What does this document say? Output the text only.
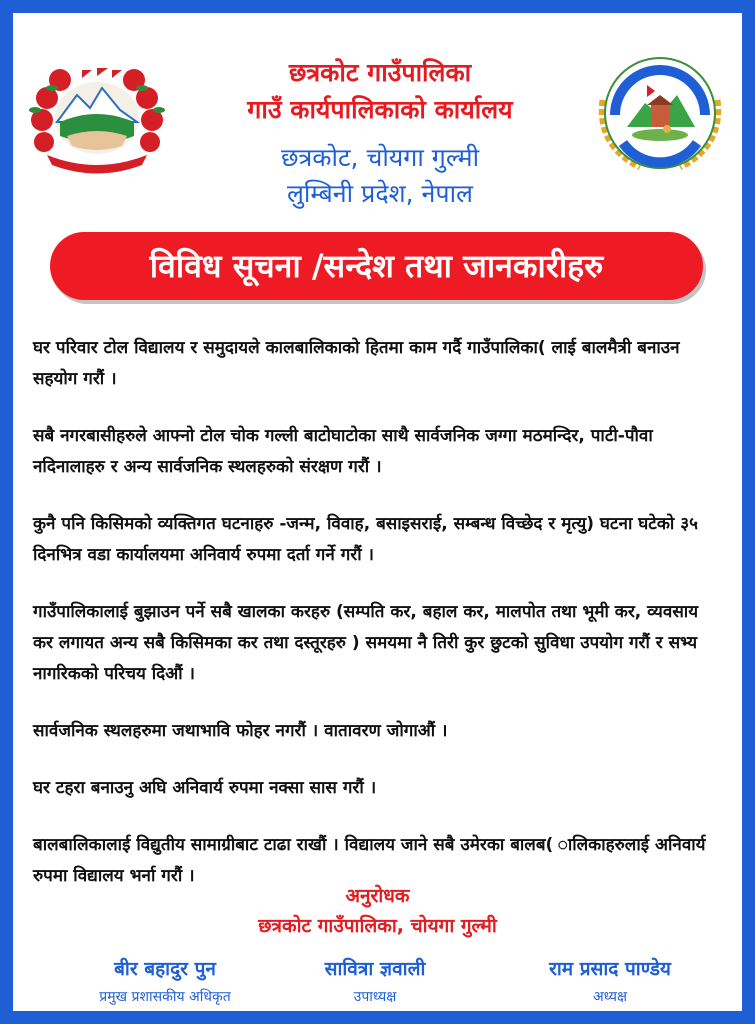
छत्रकोट गाउँपालिका
गाउँ कार्यपालिकाको कार्यालय
छत्रकोट, चोयगा गुल्मी
लुम्बिनी प्रदेश, नेपाल
विविध सूचना /सन्देश तथा जानकारीहरु
घर परिवार टोल विद्यालय र समुदायले कालबालिकाको हितमा काम गर्दै गाउँपालिका( लाई बालमैत्री बनाउन सहयोग गरौं ।
सबै नगरबासीहरुले आफ्नो टोल चोक गल्ली बाटोघाटोका साथै सार्वजनिक जग्गा मठमन्दिर, पाटी-पौवा नदिनालाहरु र अन्य सार्वजनिक स्थलहरुको संरक्षण गरौं ।
कुनै पनि किसिमको व्यक्तिगत घटनाहरु -जन्म, विवाह, बसाइसराई, सम्बन्ध विच्छेद र मृत्यु) घटना घटेको ३५ दिनभित्र वडा कार्यालयमा अनिवार्य रुपमा दर्ता गर्ने गरौं ।
गाउँपालिकालाई बुझाउन पर्ने सबै खालका करहरु (सम्पति कर, बहाल कर, मालपोत तथा भूमी कर, व्यवसाय कर लगायत अन्य सबै किसिमका कर तथा दस्तूरहरु ) समयमा नै तिरी कुर छुटको सुविधा उपयोग गरौं र सभ्य नागरिकको परिचय दिऔं ।
सार्वजनिक स्थलहरुमा जथाभावि फोहर नगरौं । वातावरण जोगाऔं ।
घर टहरा बनाउनु अघि अनिवार्य रुपमा नक्सा सास गरौं ।
बालबालिकालाई विद्युतीय सामाग्रीबाट टाढा राखौं । विद्यालय जाने सबै उमेरका बालब( ालिकाहरुलाई अनिवार्य रुपमा विद्यालय भर्ना गरौं ।
अनुरोधक
छत्रकोट गाउँपालिका, चोयगा गुल्मी
बीर बहादुर पुन
प्रमुख प्रशासकीय अधिकृत
सावित्रा ज्ञवाली
उपाध्यक्ष
राम प्रसाद पाण्डेय
अध्यक्ष
